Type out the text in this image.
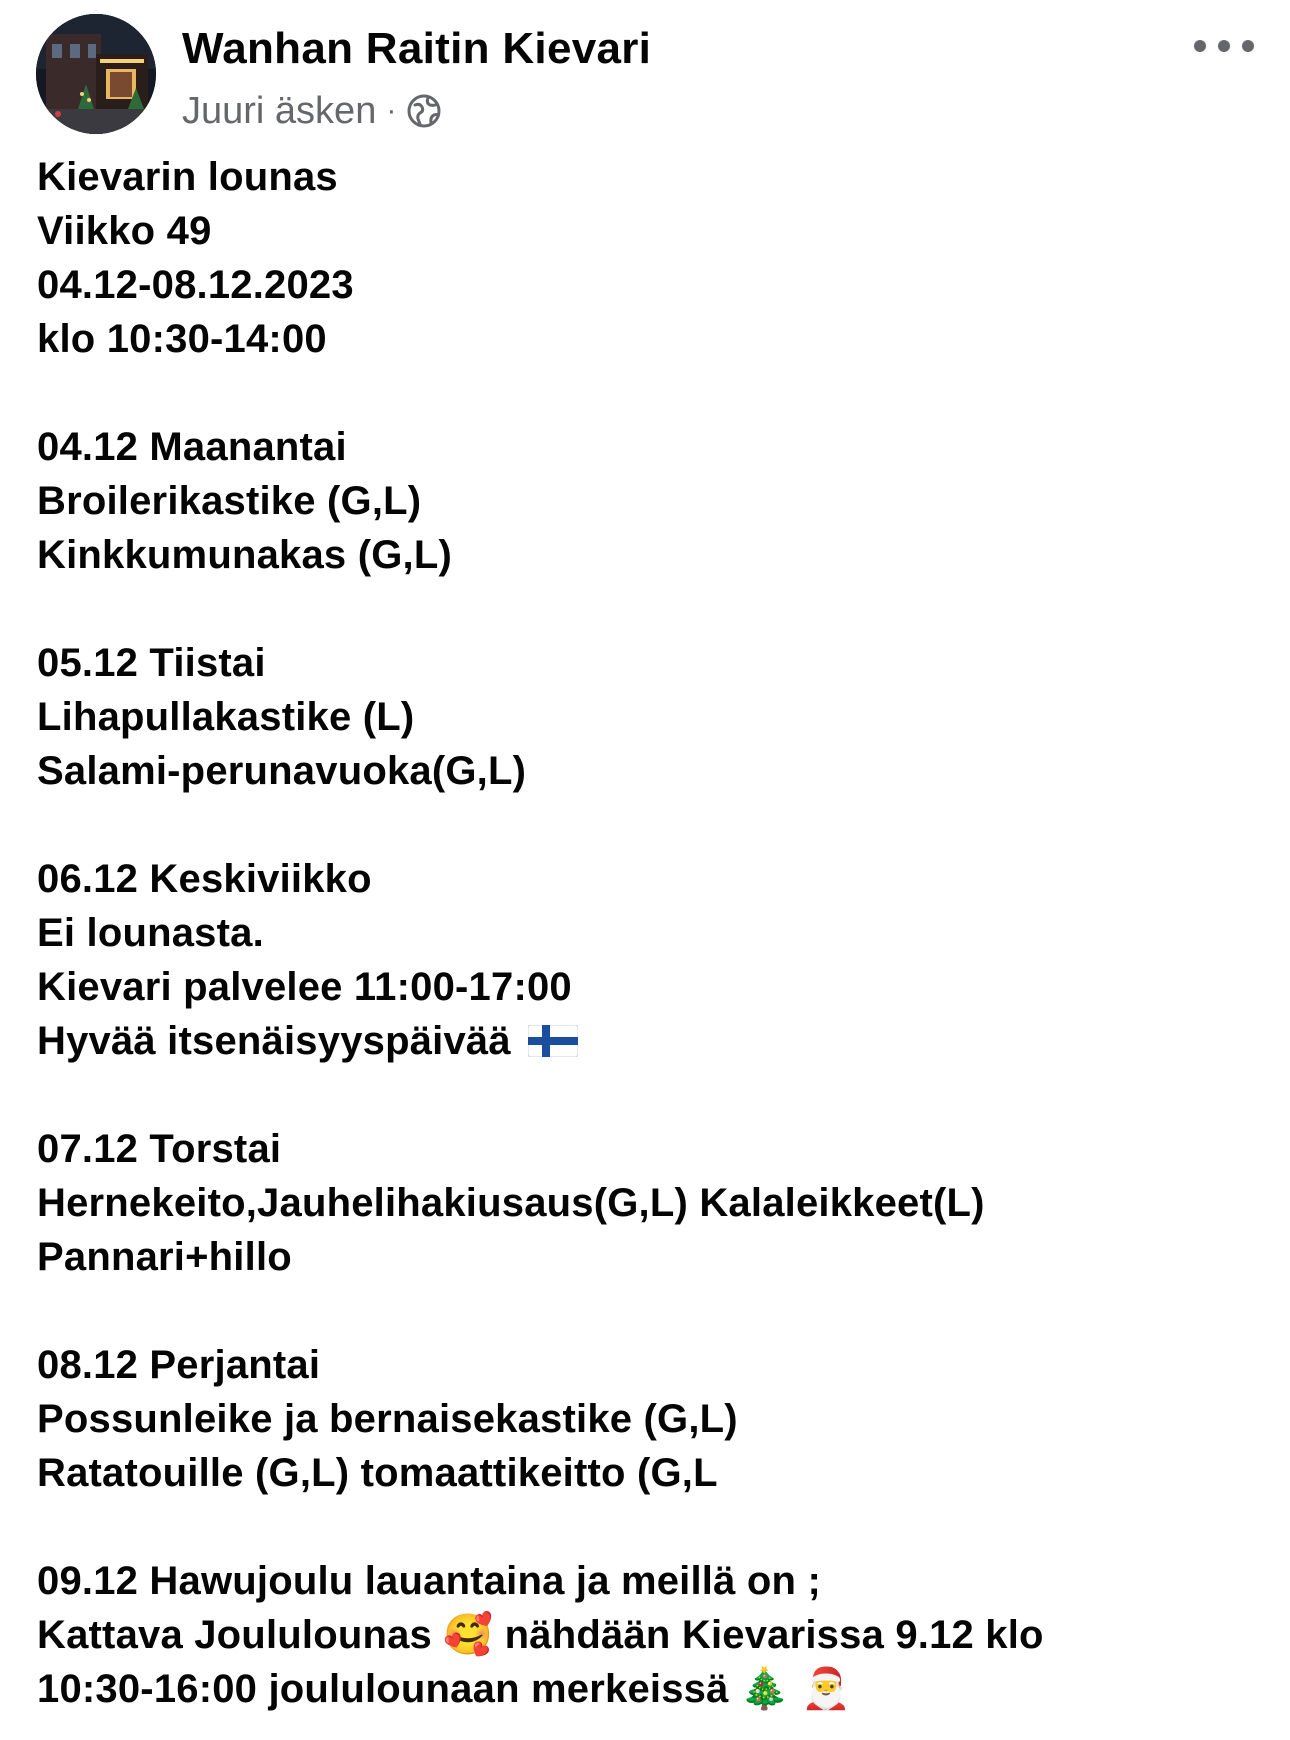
Wanhan Raitin Kievari
Juuri äsken ·
Kievarin lounas
Viikko 49
04.12-08.12.2023
klo 10:30-14:00
04.12 Maanantai
Broilerikastike (G,L)
Kinkkumunakas (G,L)
05.12 Tiistai
Lihapullakastike (L)
Salami-perunavuoka(G,L)
06.12 Keskiviikko
Ei lounasta.
Kievari palvelee 11:00-17:00
Hyvää itsenäisyyspäivää
07.12 Torstai
Hernekeito,Jauhelihakiusaus(G,L) Kalaleikkeet(L)
Pannari+hillo
08.12 Perjantai
Possunleike ja bernaisekastike (G,L)
Ratatouille (G,L) tomaattikeitto (G,L
09.12 Hawujoulu lauantaina ja meillä on ;
Kattava Joululounas 🥰 nähdään Kievarissa 9.12 klo
10:30-16:00 joululounaan merkeissä 🎄 🎅
